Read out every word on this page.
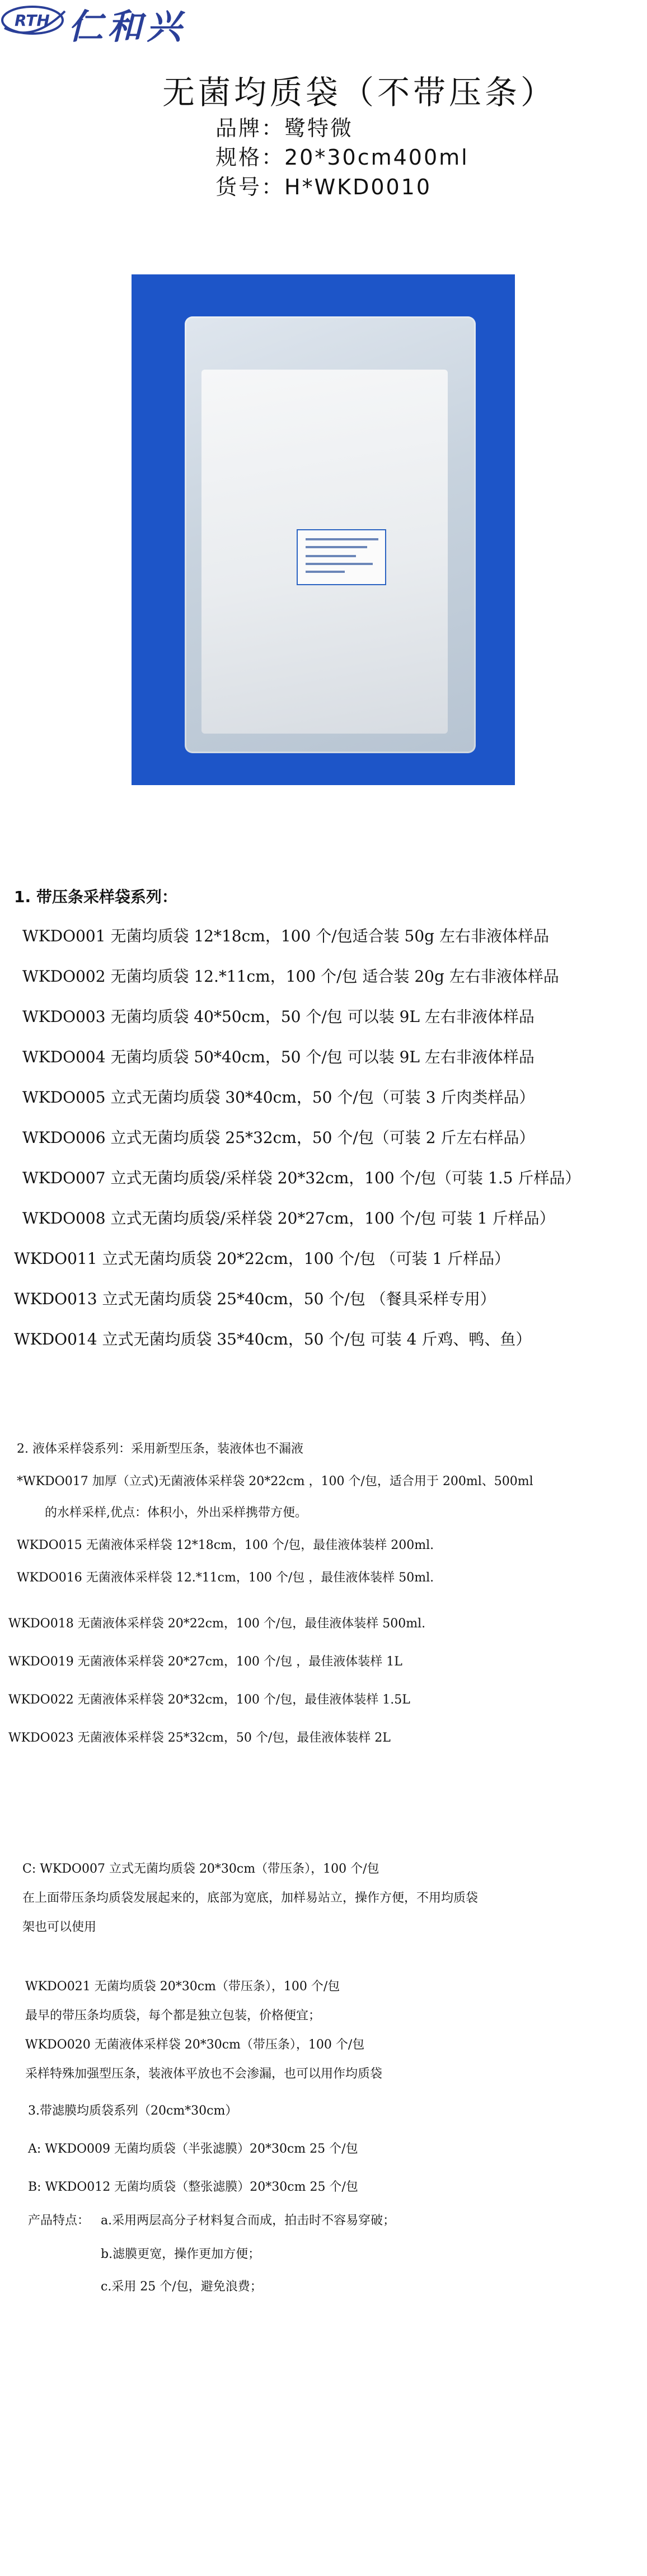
RTH 仁和兴
无菌均质袋（不带压条）
品牌：鹭特微
规格：20*30cm400ml
货号：H*WKD0010
1. 带压条采样袋系列：
WKDO001 无菌均质袋 12*18cm，100 个/包适合装 50g 左右非液体样品
WKDO002 无菌均质袋 12.*11cm，100 个/包 适合装 20g 左右非液体样品
WKDO003 无菌均质袋 40*50cm，50 个/包 可以装 9L 左右非液体样品
WKDO004 无菌均质袋 50*40cm，50 个/包 可以装 9L 左右非液体样品
WKDO005 立式无菌均质袋 30*40cm，50 个/包（可装 3 斤肉类样品）
WKDO006 立式无菌均质袋 25*32cm，50 个/包（可装 2 斤左右样品）
WKDO007 立式无菌均质袋/采样袋 20*32cm，100 个/包（可装 1.5 斤样品）
WKDO008 立式无菌均质袋/采样袋 20*27cm，100 个/包 可装 1 斤样品）
WKDO011 立式无菌均质袋 20*22cm，100 个/包 （可装 1 斤样品）
WKDO013 立式无菌均质袋 25*40cm，50 个/包 （餐具采样专用）
WKDO014 立式无菌均质袋 35*40cm，50 个/包 可装 4 斤鸡、鸭、鱼）
2. 液体采样袋系列：采用新型压条，装液体也不漏液
*WKDO017 加厚（立式)无菌液体采样袋 20*22cm ，100 个/包，适合用于 200ml、500ml
的水样采样,优点：体积小，外出采样携带方便。
WKDO015 无菌液体采样袋 12*18cm，100 个/包，最佳液体装样 200ml.
WKDO016 无菌液体采样袋 12.*11cm，100 个/包 ，最佳液体装样 50ml.
WKDO018 无菌液体采样袋 20*22cm，100 个/包，最佳液体装样 500ml.
WKDO019 无菌液体采样袋 20*27cm，100 个/包 ，最佳液体装样 1L
WKDO022 无菌液体采样袋 20*32cm，100 个/包，最佳液体装样 1.5L
WKDO023 无菌液体采样袋 25*32cm，50 个/包，最佳液体装样 2L
C: WKDO007 立式无菌均质袋 20*30cm（带压条），100 个/包
在上面带压条均质袋发展起来的，底部为宽底，加样易站立，操作方便，不用均质袋
架也可以使用
WKDO021 无菌均质袋 20*30cm（带压条），100 个/包
最早的带压条均质袋，每个都是独立包装，价格便宜；
WKDO020 无菌液体采样袋 20*30cm（带压条），100 个/包
采样特殊加强型压条，装液体平放也不会渗漏，也可以用作均质袋
3.带滤膜均质袋系列（20cm*30cm）
A: WKDO009 无菌均质袋（半张滤膜）20*30cm 25 个/包
B: WKDO012 无菌均质袋（整张滤膜）20*30cm 25 个/包
产品特点： a.采用两层高分子材料复合而成，拍击时不容易穿破；
b.滤膜更宽，操作更加方便；
c.采用 25 个/包，避免浪费；
